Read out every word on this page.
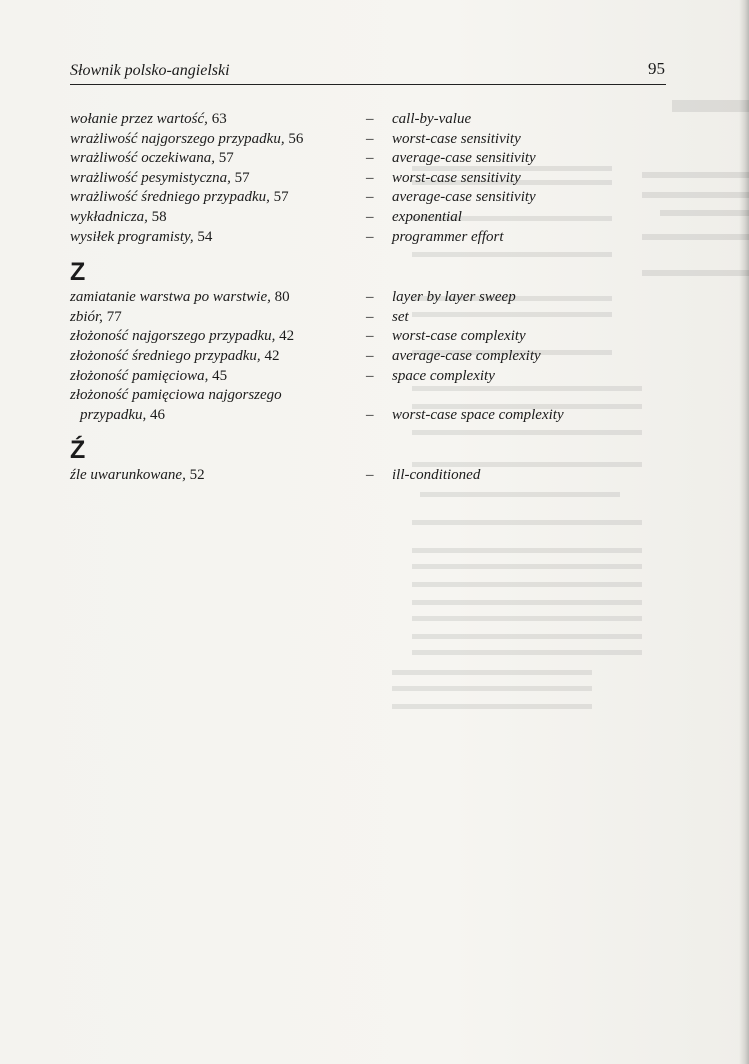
Słownik polsko-angielski	95
wołanie przez wartość, 63	– call-by-value
wrażliwość najgorszego przypadku, 56	– worst-case sensitivity
wrażliwość oczekiwana, 57	– average-case sensitivity
wrażliwość pesymistyczna, 57	– worst-case sensitivity
wrażliwość średniego przypadku, 57	– average-case sensitivity
wykładnicza, 58	– exponential
wysiłek programisty, 54	– programmer effort
Z
zamiatanie warstwa po warstwie, 80	– layer by layer sweep
zbiór, 77	– set
złożoność najgorszego przypadku, 42	– worst-case complexity
złożoność średniego przypadku, 42	– average-case complexity
złożoność pamięciowa, 45	– space complexity
złożoność pamięciowa najgorszego
przypadku, 46	– worst-case space complexity
Ź
źle uwarunkowane, 52	– ill-conditioned
